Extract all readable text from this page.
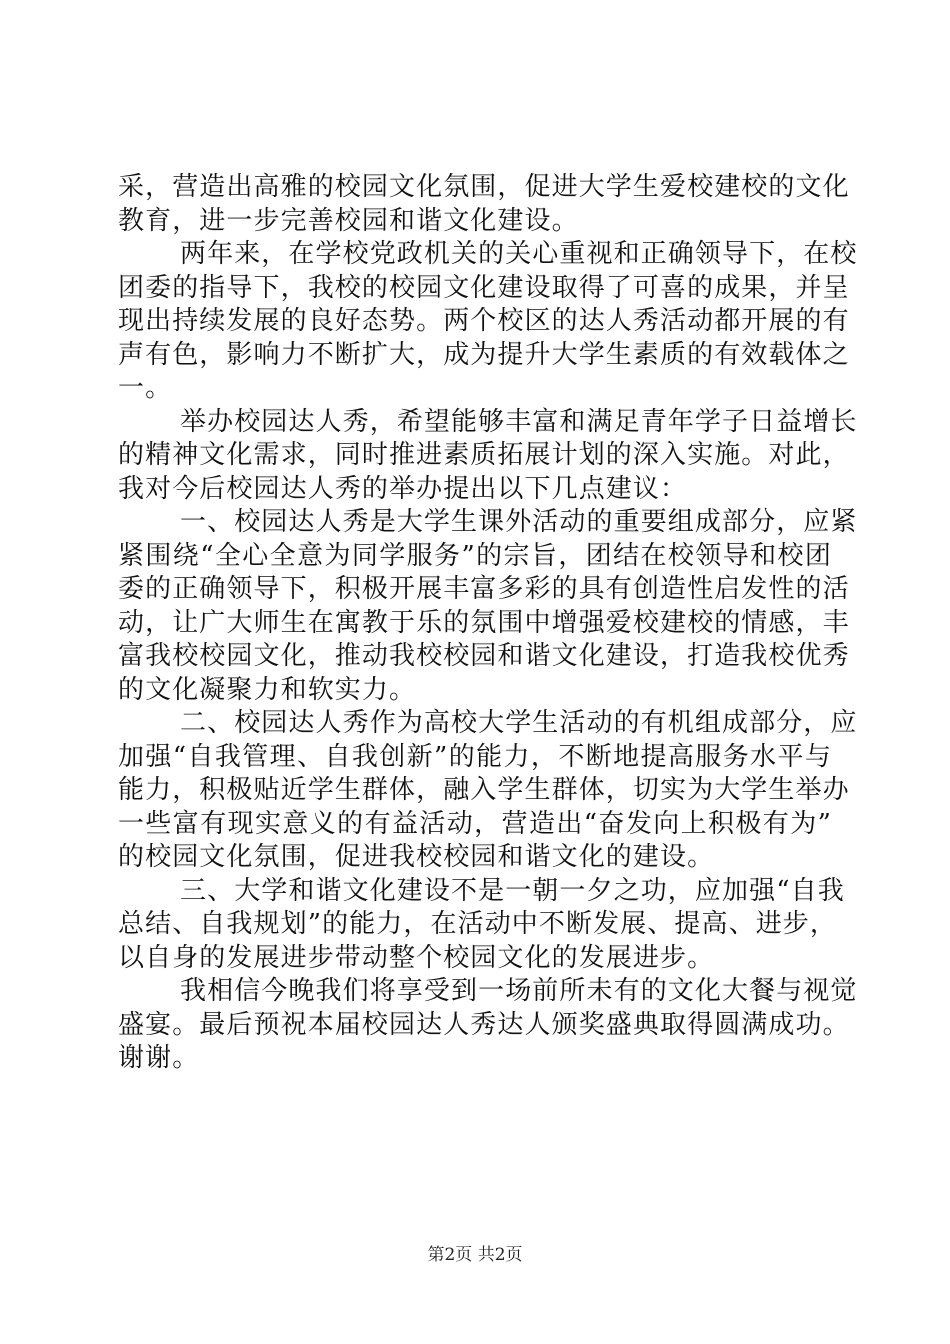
采，营造出高雅的校园文化氛围，促进大学生爱校建校的文化
教育，进一步完善校园和谐文化建设。
两年来，在学校党政机关的关心重视和正确领导下，在校
团委的指导下，我校的校园文化建设取得了可喜的成果，并呈
现出持续发展的良好态势。两个校区的达人秀活动都开展的有
声有色，影响力不断扩大，成为提升大学生素质的有效载体之
一。
举办校园达人秀，希望能够丰富和满足青年学子日益增长
的精神文化需求，同时推进素质拓展计划的深入实施。对此，
我对今后校园达人秀的举办提出以下几点建议：
一、校园达人秀是大学生课外活动的重要组成部分，应紧
紧围绕“全心全意为同学服务”的宗旨，团结在校领导和校团
委的正确领导下，积极开展丰富多彩的具有创造性启发性的活
动，让广大师生在寓教于乐的氛围中增强爱校建校的情感，丰
富我校校园文化，推动我校校园和谐文化建设，打造我校优秀
的文化凝聚力和软实力。
二、校园达人秀作为高校大学生活动的有机组成部分，应
加强“自我管理、自我创新”的能力，不断地提高服务水平与
能力，积极贴近学生群体，融入学生群体，切实为大学生举办
一些富有现实意义的有益活动，营造出“奋发向上积极有为”
的校园文化氛围，促进我校校园和谐文化的建设。
三、大学和谐文化建设不是一朝一夕之功，应加强“自我
总结、自我规划”的能力，在活动中不断发展、提高、进步，
以自身的发展进步带动整个校园文化的发展进步。
我相信今晚我们将享受到一场前所未有的文化大餐与视觉
盛宴。最后预祝本届校园达人秀达人颁奖盛典取得圆满成功。
谢谢。
第2页 共2页
